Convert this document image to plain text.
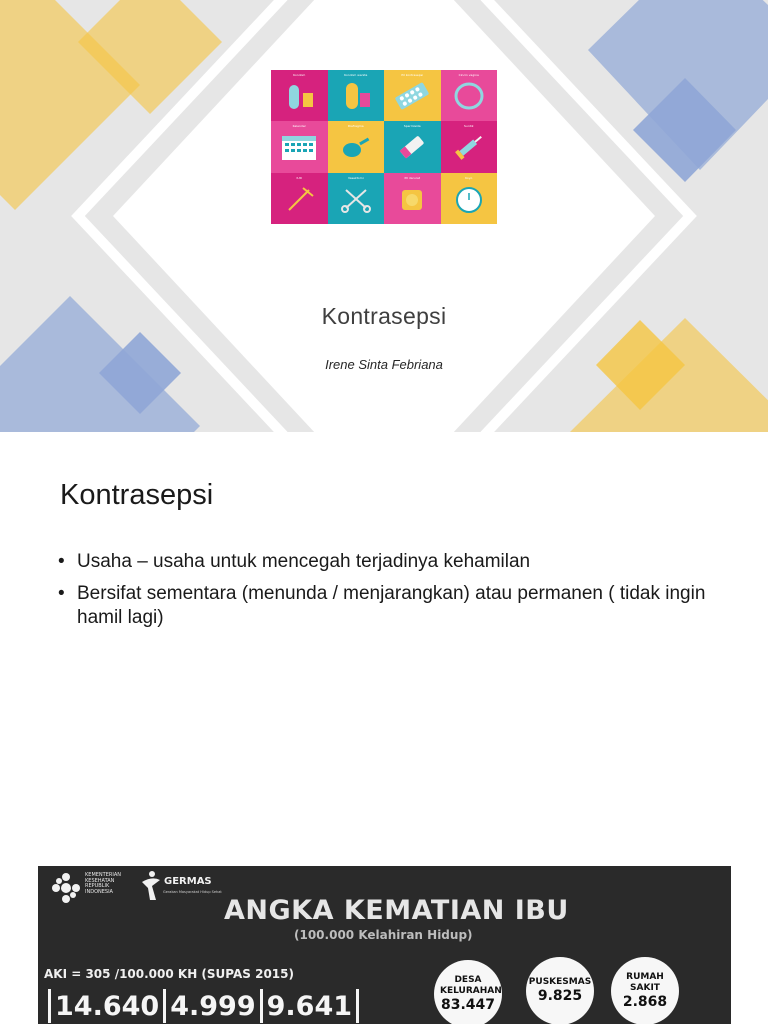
Kondom	Kondom wanita	Pil kontrasepsi	Cincin vagina
Kalender	Diafragma	Spermisida	Suntik
IUD	Vasektomi	Pil darurat	Koyo
Kontrasepsi
Irene Sinta Febriana
Kontrasepsi
• Usaha – usaha untuk mencegah terjadinya kehamilan
• Bersifat sementara (menunda / menjarangkan) atau permanen ( tidak ingin hamil lagi)
KEMENTERIAN KESEHATAN REPUBLIK INDONESIA
GERMAS
Gerakan Masyarakat Hidup Sehat
ANGKA KEMATIAN IBU
(100.000 Kelahiran Hidup)
AKI = 305 /100.000 KH (SUPAS 2015)
14.640 4.999 9.641
DESA KELURAHAN
83.447
PUSKESMAS
9.825
RUMAH SAKIT
2.868
